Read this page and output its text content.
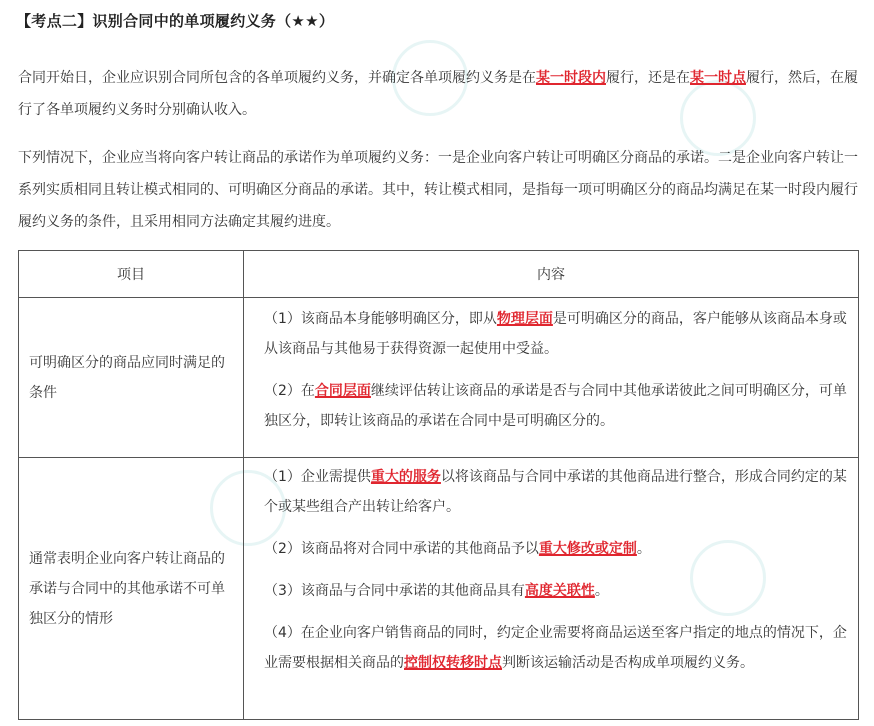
【考点二】识别合同中的单项履约义务（★★）
合同开始日，企业应识别合同所包含的各单项履约义务，并确定各单项履约义务是在某一时段内履行，还是在某一时点履行，然后，在履行了各单项履约义务时分别确认收入。
下列情况下，企业应当将向客户转让商品的承诺作为单项履约义务：一是企业向客户转让可明确区分商品的承诺。二是企业向客户转让一系列实质相同且转让模式相同的、可明确区分商品的承诺。其中，转让模式相同，是指每一项可明确区分的商品均满足在某一时段内履行履约义务的条件，且采用相同方法确定其履约进度。
项目	内容
可明确区分的商品应同时满足的条件	（1）该商品本身能够明确区分，即从物理层面是可明确区分的商品，客户能够从该商品本身或从该商品与其他易于获得资源一起使用中受益。
（2）在合同层面继续评估转让该商品的承诺是否与合同中其他承诺彼此之间可明确区分，可单独区分，即转让该商品的承诺在合同中是可明确区分的。

通常表明企业向客户转让商品的承诺与合同中的其他承诺不可单独区分的情形	（1）企业需提供重大的服务以将该商品与合同中承诺的其他商品进行整合，形成合同约定的某个或某些组合产出转让给客户。
（2）该商品将对合同中承诺的其他商品予以重大修改或定制。
（3）该商品与合同中承诺的其他商品具有高度关联性。
（4）在企业向客户销售商品的同时，约定企业需要将商品运送至客户指定的地点的情况下，企业需要根据相关商品的控制权转移时点判断该运输活动是否构成单项履约义务。
